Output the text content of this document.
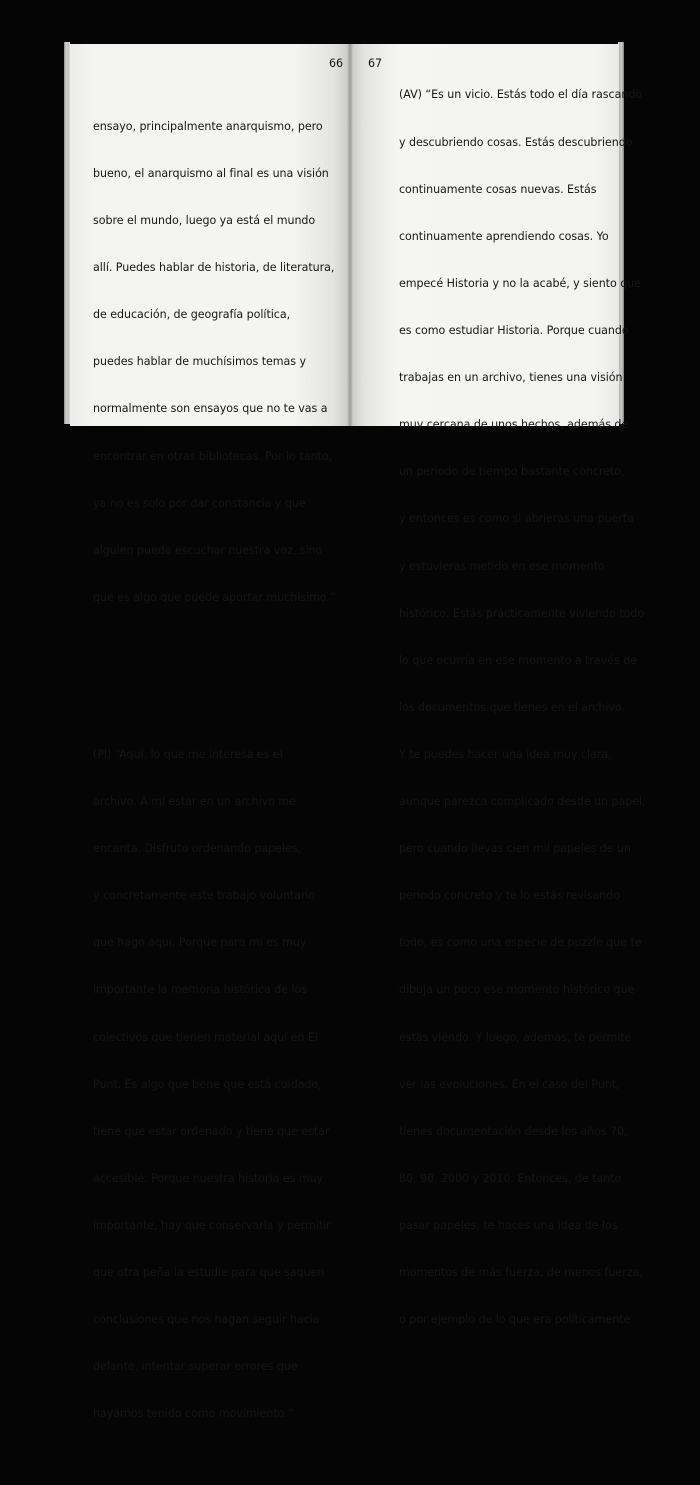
66

ensayo, principalmente anarquismo, pero

bueno, el anarquismo al final es una visión

sobre el mundo, luego ya está el mundo

allí. Puedes hablar de historia, de literatura,

de educación, de geografía política,

puedes hablar de muchísimos temas y

normalmente son ensayos que no te vas a

encontrar en otras bibliotecas. Por lo tanto,

ya no es solo por dar constancia y que

alguien pueda escuchar nuestra voz, sino

que es algo que puede aportar muchísimo.”

(PI) “Aquí, lo que me interesa es el

archivo. A mí estar en un archivo me

encanta. Disfruto ordenando papeles,

y concretamente este trabajo voluntario

que hago aquí. Porque para mí es muy

importante la memoria histórica de los

colectivos que tienen material aquí en El

Punt. Es algo que tiene que está cuidado,

tiene que estar ordenado y tiene que estar

accesible. Porque nuestra historia es muy

importante, hay que conservarla y permitir

que otra peña la estudie para que saquen

conclusiones que nos hagan seguir hacia

delante, intentar superar errores que

hayamos tenido como movimiento.”

67

(AV) “Es un vicio. Estás todo el día rascando

y descubriendo cosas. Estás descubriendo

continuamente cosas nuevas. Estás

continuamente aprendiendo cosas. Yo

empecé Historia y no la acabé, y siento que

es como estudiar Historia. Porque cuando

trabajas en un archivo, tienes una visión

muy cercana de unos hechos, además de

un periodo de tiempo bastante concreto,

y entonces es como si abrieras una puerta

y estuvieras metido en ese momento

histórico. Estás prácticamente viviendo todo

lo que ocurría en ese momento a través de

los documentos que tienes en el archivo.

Y te puedes hacer una idea muy clara,

aunque parezca complicado desde un papel,

pero cuando llevas cien mil papeles de un

periodo concreto y te lo estás revisando

todo, es como una especie de puzzle que te

dibuja un poco ese momento histórico que

estás viendo. Y luego, además, te permite

ver las evoluciones. En el caso del Punt,

tienes documentación desde los años 70,

80, 90, 2000 y 2010. Entonces, de tanto

pasar papeles, te haces una idea de los

momentos de más fuerza, de menos fuerza,

o por ejemplo de lo que era políticamente
